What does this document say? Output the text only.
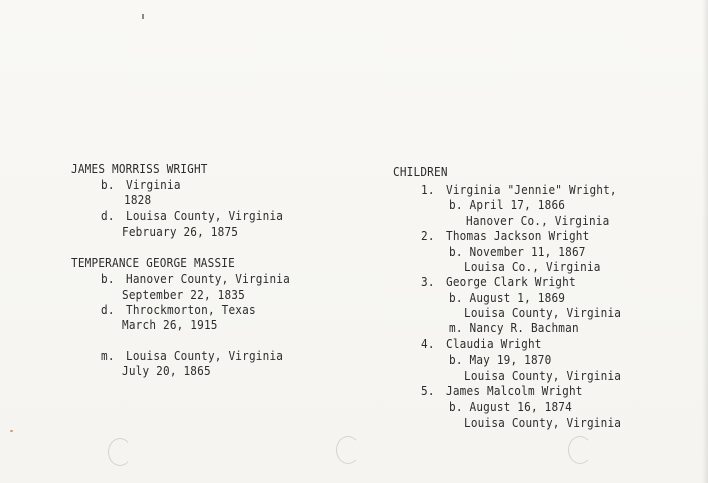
JAMES MORRISS WRIGHT
b. Virginia
1828
d. Louisa County, Virginia
February 26, 1875
TEMPERANCE GEORGE MASSIE
b. Hanover County, Virginia
September 22, 1835
d. Throckmorton, Texas
March 26, 1915
m. Louisa County, Virginia
July 20, 1865
CHILDREN
1. Virginia "Jennie" Wright,
b. April 17, 1866
Hanover Co., Virginia
2. Thomas Jackson Wright
b. November 11, 1867
Louisa Co., Virginia
3. George Clark Wright
b. August 1, 1869
Louisa County, Virginia
m. Nancy R. Bachman
4. Claudia Wright
b. May 19, 1870
Louisa County, Virginia
5. James Malcolm Wright
b. August 16, 1874
Louisa County, Virginia
